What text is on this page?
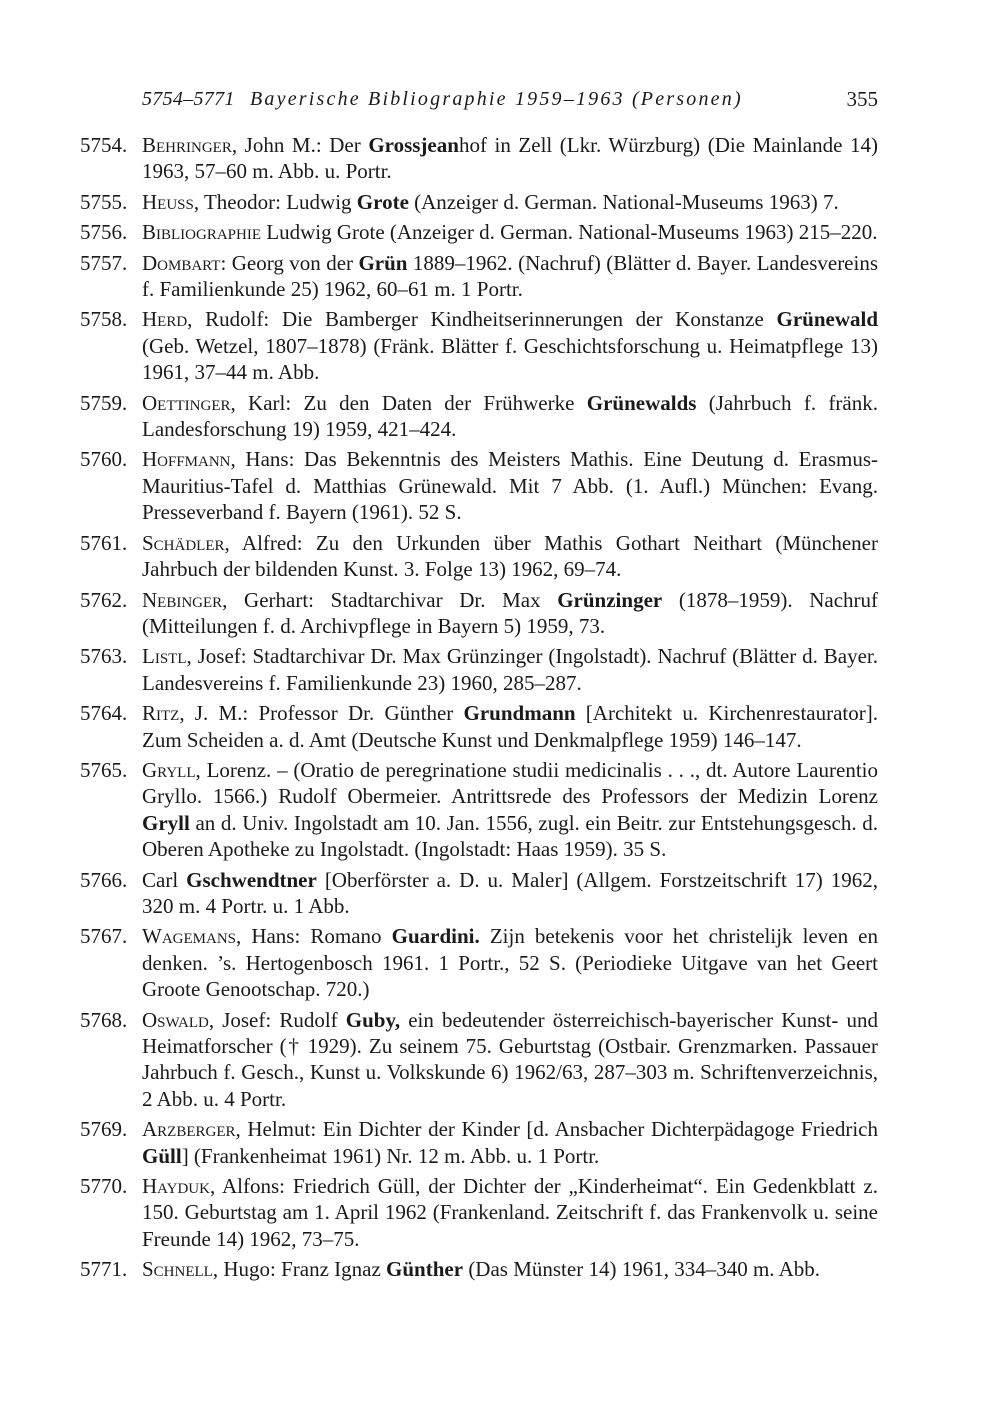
5754–5771 Bayerische Bibliographie 1959–1963 (Personen)	355
5754. Behringer, John M.: Der Grossjeanhof in Zell (Lkr. Würzburg) (Die Mainlande 14) 1963, 57–60 m. Abb. u. Portr.
5755. Heuss, Theodor: Ludwig Grote (Anzeiger d. German. National-Museums 1963) 7.
5756. Bibliographie Ludwig Grote (Anzeiger d. German. National-Museums 1963) 215–220.
5757. Dombart: Georg von der Grün 1889–1962. (Nachruf) (Blätter d. Bayer. Landesvereins f. Familienkunde 25) 1962, 60–61 m. 1 Portr.
5758. Herd, Rudolf: Die Bamberger Kindheitserinnerungen der Konstanze Grünewald (Geb. Wetzel, 1807–1878) (Fränk. Blätter f. Geschichtsforschung u. Heimatpflege 13) 1961, 37–44 m. Abb.
5759. Oettinger, Karl: Zu den Daten der Frühwerke Grünewalds (Jahrbuch f. fränk. Landesforschung 19) 1959, 421–424.
5760. Hoffmann, Hans: Das Bekenntnis des Meisters Mathis. Eine Deutung d. Erasmus-Mauritius-Tafel d. Matthias Grünewald. Mit 7 Abb. (1. Aufl.) München: Evang. Presseverband f. Bayern (1961). 52 S.
5761. Schädler, Alfred: Zu den Urkunden über Mathis Gothart Neithart (Münchener Jahrbuch der bildenden Kunst. 3. Folge 13) 1962, 69–74.
5762. Nebinger, Gerhart: Stadtarchivar Dr. Max Grünzinger (1878–1959). Nachruf (Mitteilungen f. d. Archivpflege in Bayern 5) 1959, 73.
5763. Listl, Josef: Stadtarchivar Dr. Max Grünzinger (Ingolstadt). Nachruf (Blätter d. Bayer. Landesvereins f. Familienkunde 23) 1960, 285–287.
5764. Ritz, J. M.: Professor Dr. Günther Grundmann [Architekt u. Kirchenrestaurator]. Zum Scheiden a. d. Amt (Deutsche Kunst und Denkmalpflege 1959) 146–147.
5765. Gryll, Lorenz. – (Oratio de peregrinatione studii medicinalis . . ., dt. Autore Laurentio Gryllo. 1566.) Rudolf Obermeier. Antrittsrede des Professors der Medizin Lorenz Gryll an d. Univ. Ingolstadt am 10. Jan. 1556, zugl. ein Beitr. zur Entstehungsgesch. d. Oberen Apotheke zu Ingolstadt. (Ingolstadt: Haas 1959). 35 S.
5766. Carl Gschwendtner [Oberförster a. D. u. Maler] (Allgem. Forstzeitschrift 17) 1962, 320 m. 4 Portr. u. 1 Abb.
5767. Wagemans, Hans: Romano Guardini. Zijn betekenis voor het christelijk leven en denken. ’s. Hertogenbosch 1961. 1 Portr., 52 S. (Periodieke Uitgave van het Geert Groote Genootschap. 720.)
5768. Oswald, Josef: Rudolf Guby, ein bedeutender österreichisch-bayerischer Kunst- und Heimatforscher († 1929). Zu seinem 75. Geburtstag (Ostbair. Grenzmarken. Passauer Jahrbuch f. Gesch., Kunst u. Volkskunde 6) 1962/63, 287–303 m. Schriftenverzeichnis, 2 Abb. u. 4 Portr.
5769. Arzberger, Helmut: Ein Dichter der Kinder [d. Ansbacher Dichterpädagoge Friedrich Güll] (Frankenheimat 1961) Nr. 12 m. Abb. u. 1 Portr.
5770. Hayduk, Alfons: Friedrich Güll, der Dichter der „Kinderheimat“. Ein Gedenkblatt z. 150. Geburtstag am 1. April 1962 (Frankenland. Zeitschrift f. das Frankenvolk u. seine Freunde 14) 1962, 73–75.
5771. Schnell, Hugo: Franz Ignaz Günther (Das Münster 14) 1961, 334–340 m. Abb.
